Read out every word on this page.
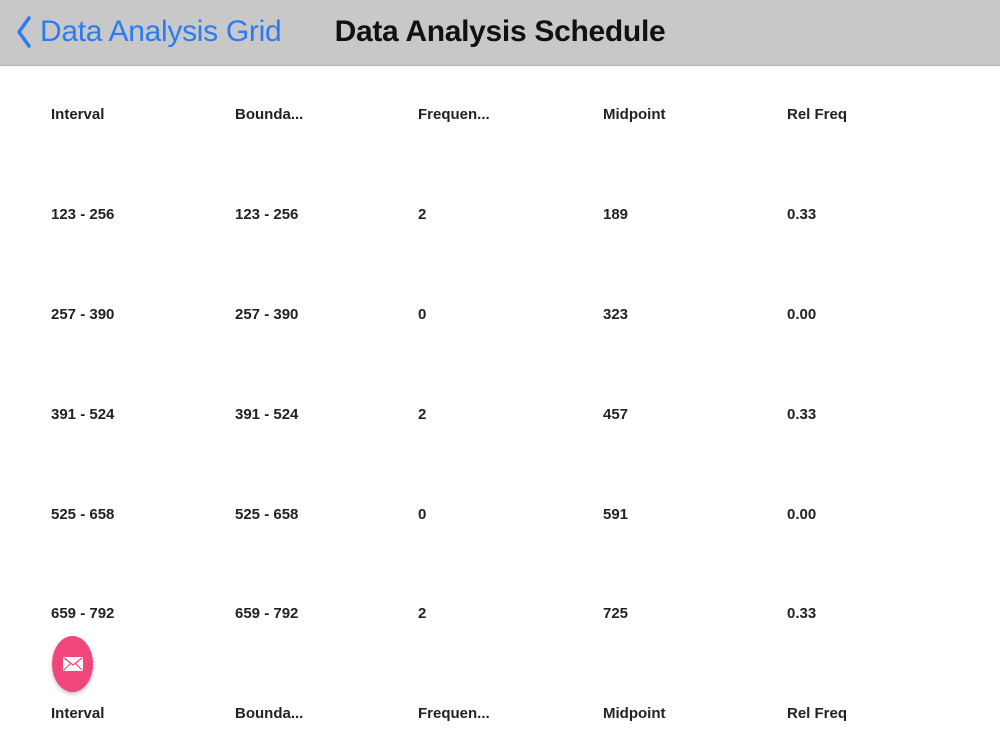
Data Analysis Grid	Data Analysis Schedule
Interval	Bounda...	Frequen...	Midpoint	Rel Freq
123 - 256	123 - 256	2	189	0.33
257 - 390	257 - 390	0	323	0.00
391 - 524	391 - 524	2	457	0.33
525 - 658	525 - 658	0	591	0.00
659 - 792	659 - 792	2	725	0.33
Interval	Bounda...	Frequen...	Midpoint	Rel Freq
